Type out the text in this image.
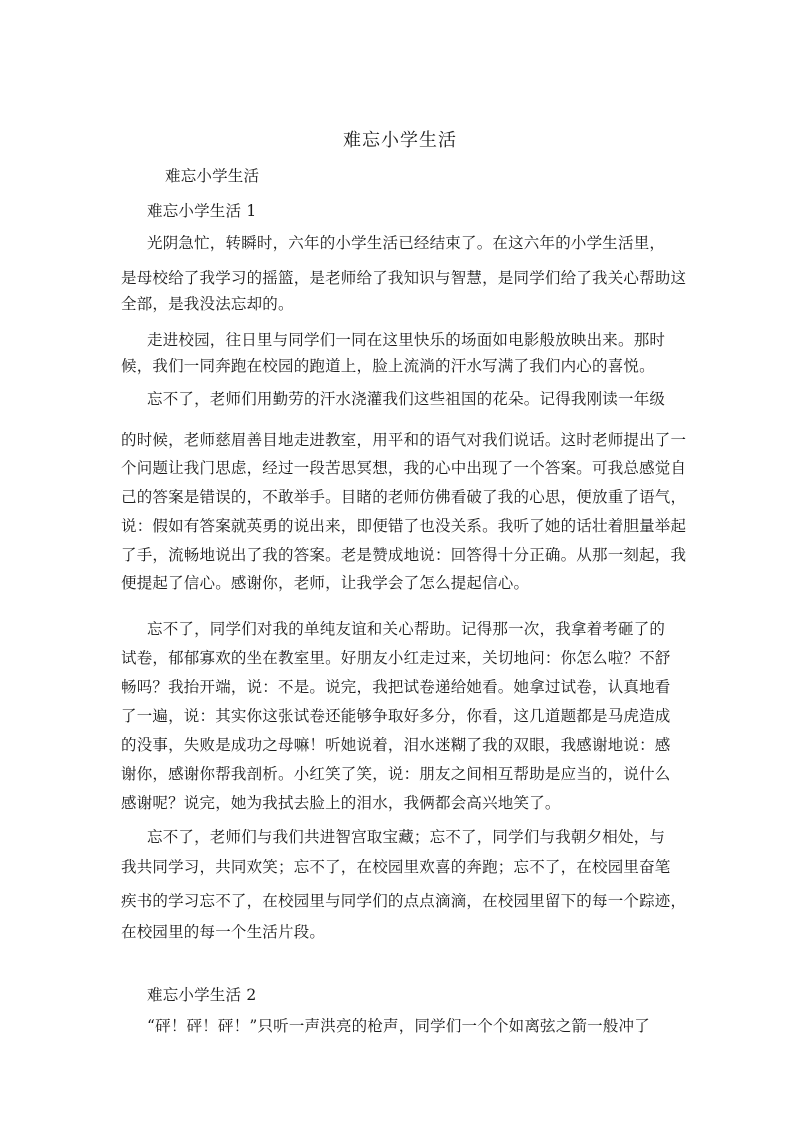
难忘小学生活
难忘小学生活
难忘小学生活 1
光阴急忙，转瞬时，六年的小学生活已经结束了。在这六年的小学生活里，
是母校给了我学习的摇篮，是老师给了我知识与智慧，是同学们给了我关心帮助这
全部，是我没法忘却的。
走进校园，往日里与同学们一同在这里快乐的场面如电影般放映出来。那时
候，我们一同奔跑在校园的跑道上，脸上流淌的汗水写满了我们内心的喜悦。
忘不了，老师们用勤劳的汗水浇灌我们这些祖国的花朵。记得我刚读一年级
的时候，老师慈眉善目地走进教室，用平和的语气对我们说话。这时老师提出了一
个问题让我门思虑，经过一段苦思冥想，我的心中出现了一个答案。可我总感觉自
己的答案是错误的，不敢举手。目睹的老师仿佛看破了我的心思，便放重了语气，
说：假如有答案就英勇的说出来，即便错了也没关系。我听了她的话壮着胆量举起
了手，流畅地说出了我的答案。老是赞成地说：回答得十分正确。从那一刻起，我
便提起了信心。感谢你，老师，让我学会了怎么提起信心。
忘不了，同学们对我的单纯友谊和关心帮助。记得那一次，我拿着考砸了的
试卷，郁郁寡欢的坐在教室里。好朋友小红走过来，关切地问：你怎么啦？不舒
畅吗？我抬开端，说：不是。说完，我把试卷递给她看。她拿过试卷，认真地看
了一遍，说：其实你这张试卷还能够争取好多分，你看，这几道题都是马虎造成
的没事，失败是成功之母嘛！听她说着，泪水迷糊了我的双眼，我感谢地说：感
谢你，感谢你帮我剖析。小红笑了笑，说：朋友之间相互帮助是应当的，说什么
感谢呢？说完，她为我拭去脸上的泪水，我俩都会高兴地笑了。
忘不了，老师们与我们共进智宫取宝藏；忘不了，同学们与我朝夕相处，与
我共同学习，共同欢笑；忘不了，在校园里欢喜的奔跑；忘不了，在校园里奋笔
疾书的学习忘不了，在校园里与同学们的点点滴滴，在校园里留下的每一个踪迹，
在校园里的每一个生活片段。
难忘小学生活 2
“砰！砰！砰！”只听一声洪亮的枪声，同学们一个个如离弦之箭一般冲了
